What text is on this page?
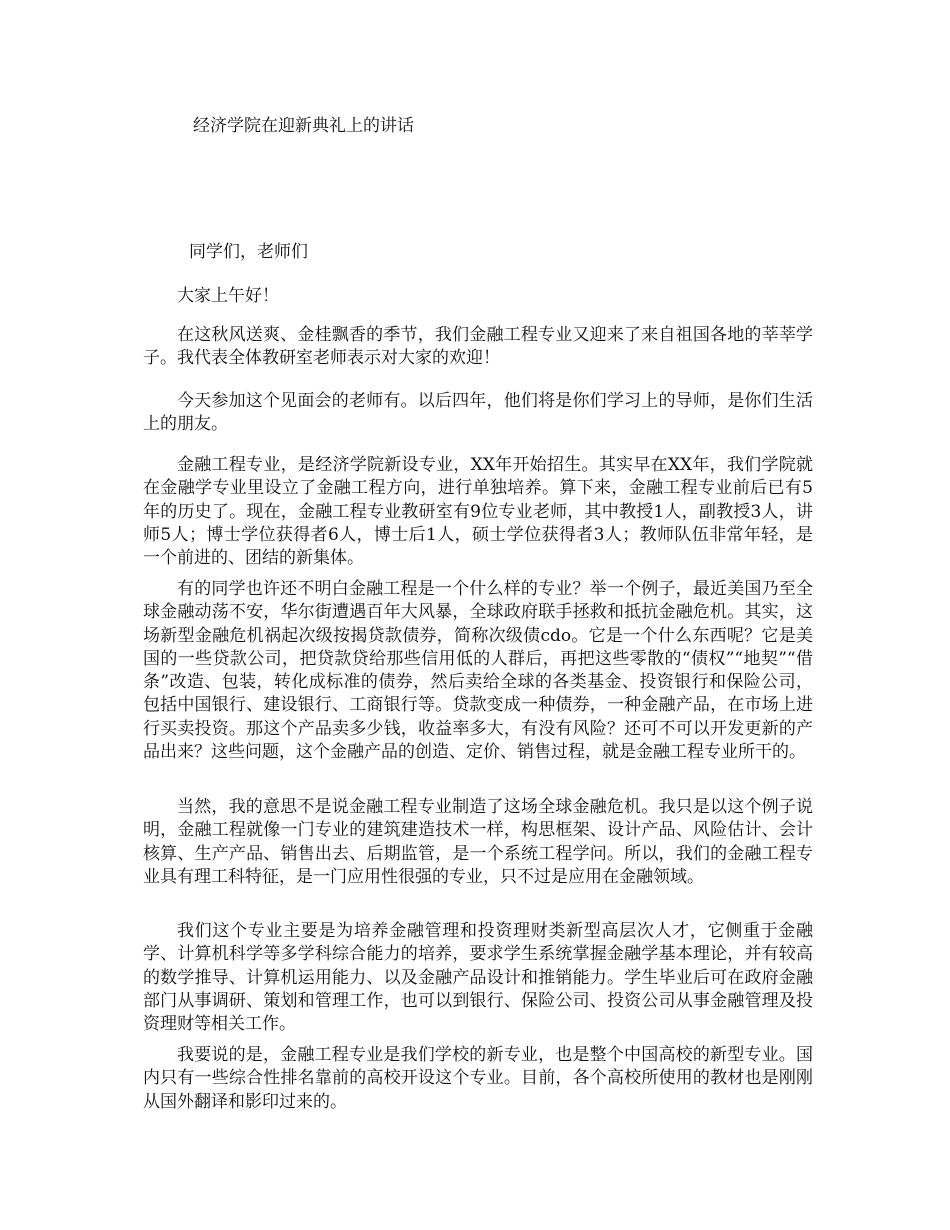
经济学院在迎新典礼上的讲话
同学们，老师们
大家上午好！

在这秋风送爽、金桂飘香的季节，我们金融工程专业又迎来了来自祖国各地的莘莘学子。我代表全体教研室老师表示对大家的欢迎！

今天参加这个见面会的老师有。以后四年，他们将是你们学习上的导师，是你们生活上的朋友。

金融工程专业，是经济学院新设专业，XX年开始招生。其实早在XX年，我们学院就在金融学专业里设立了金融工程方向，进行单独培养。算下来，金融工程专业前后已有5年的历史了。现在，金融工程专业教研室有9位专业老师，其中教授1人，副教授3人，讲师5人；博士学位获得者6人，博士后1人，硕士学位获得者3人；教师队伍非常年轻，是一个前进的、团结的新集体。

有的同学也许还不明白金融工程是一个什么样的专业？举一个例子，最近美国乃至全球金融动荡不安，华尔街遭遇百年大风暴，全球政府联手拯救和抵抗金融危机。其实，这场新型金融危机祸起次级按揭贷款债券，简称次级债cdo。它是一个什么东西呢？它是美国的一些贷款公司，把贷款贷给那些信用低的人群后，再把这些零散的“债权”“地契”“借条”改造、包装，转化成标准的债券，然后卖给全球的各类基金、投资银行和保险公司，包括中国银行、建设银行、工商银行等。贷款变成一种债券，一种金融产品，在市场上进行买卖投资。那这个产品卖多少钱，收益率多大，有没有风险？还可不可以开发更新的产品出来？这些问题，这个金融产品的创造、定价、销售过程，就是金融工程专业所干的。

当然，我的意思不是说金融工程专业制造了这场全球金融危机。我只是以这个例子说明，金融工程就像一门专业的建筑建造技术一样，构思框架、设计产品、风险估计、会计核算、生产产品、销售出去、后期监管，是一个系统工程学问。所以，我们的金融工程专业具有理工科特征，是一门应用性很强的专业，只不过是应用在金融领域。

我们这个专业主要是为培养金融管理和投资理财类新型高层次人才，它侧重于金融学、计算机科学等多学科综合能力的培养，要求学生系统掌握金融学基本理论，并有较高的数学推导、计算机运用能力、以及金融产品设计和推销能力。学生毕业后可在政府金融部门从事调研、策划和管理工作，也可以到银行、保险公司、投资公司从事金融管理及投资理财等相关工作。

我要说的是，金融工程专业是我们学校的新专业，也是整个中国高校的新型专业。国内只有一些综合性排名靠前的高校开设这个专业。目前，各个高校所使用的教材也是刚刚从国外翻译和影印过来的。
